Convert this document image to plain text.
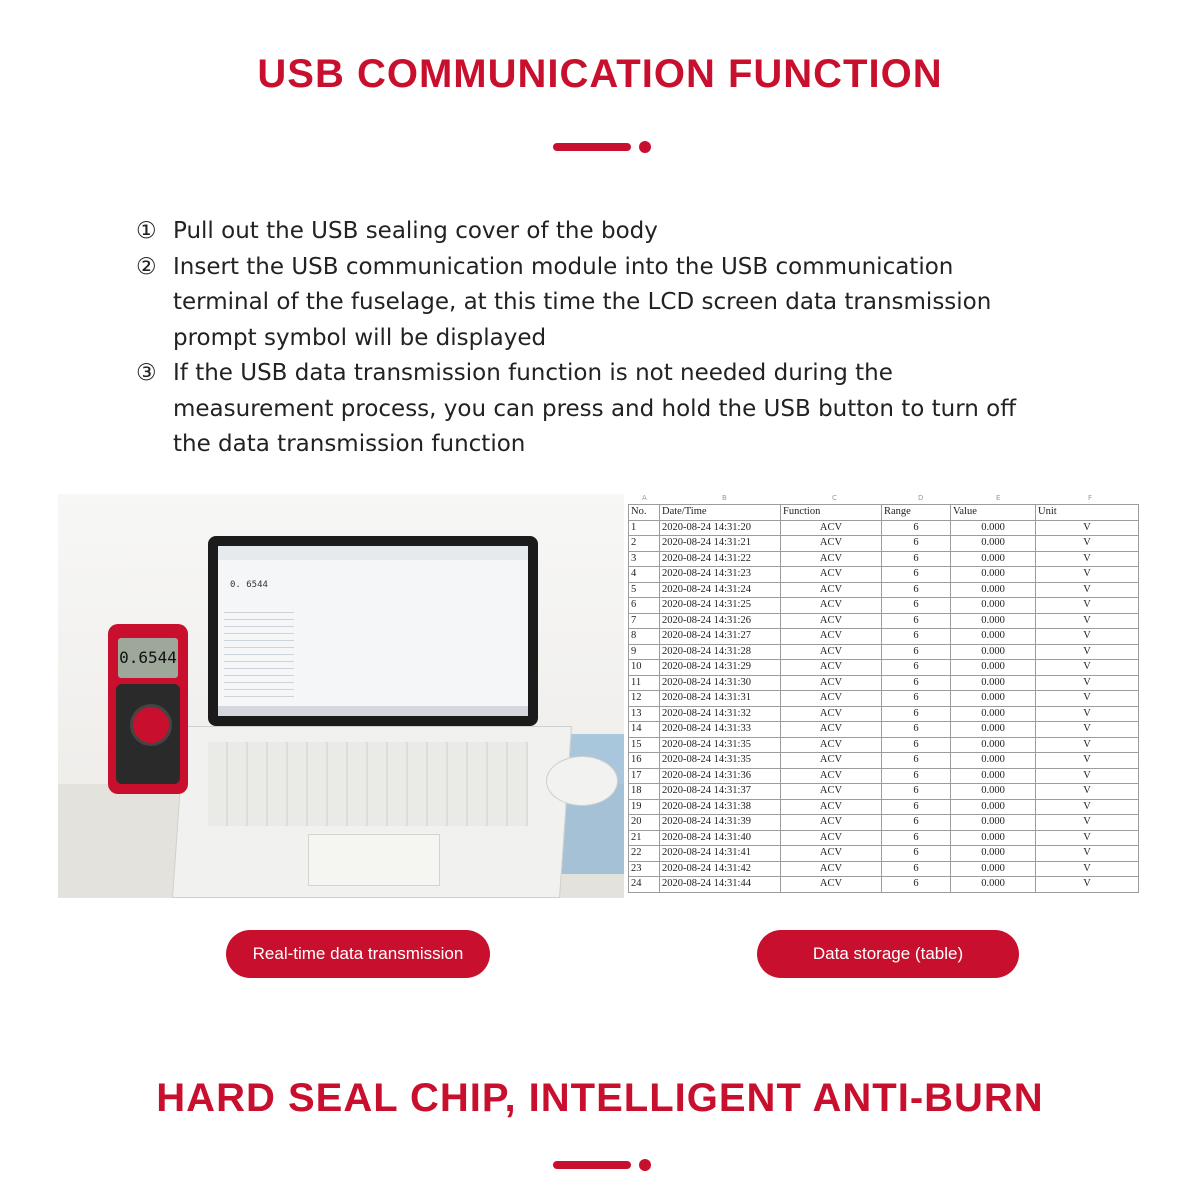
USB COMMUNICATION FUNCTION
① Pull out the USB sealing cover of the body
② Insert the USB communication module into the USB communication terminal of the fuselage, at this time the LCD screen data transmission prompt symbol will be displayed
③ If the USB data transmission function is not needed during the measurement process, you can press and hold the USB button to turn off the data transmission function
0. 6544
0.6544
A	B	C	D	E	F
No.	Date/Time	Function	Range	Value	Unit
1	2020-08-24 14:31:20	ACV	6	0.000	V
2	2020-08-24 14:31:21	ACV	6	0.000	V
3	2020-08-24 14:31:22	ACV	6	0.000	V
4	2020-08-24 14:31:23	ACV	6	0.000	V
5	2020-08-24 14:31:24	ACV	6	0.000	V
6	2020-08-24 14:31:25	ACV	6	0.000	V
7	2020-08-24 14:31:26	ACV	6	0.000	V
8	2020-08-24 14:31:27	ACV	6	0.000	V
9	2020-08-24 14:31:28	ACV	6	0.000	V
10	2020-08-24 14:31:29	ACV	6	0.000	V
11	2020-08-24 14:31:30	ACV	6	0.000	V
12	2020-08-24 14:31:31	ACV	6	0.000	V
13	2020-08-24 14:31:32	ACV	6	0.000	V
14	2020-08-24 14:31:33	ACV	6	0.000	V
15	2020-08-24 14:31:35	ACV	6	0.000	V
16	2020-08-24 14:31:35	ACV	6	0.000	V
17	2020-08-24 14:31:36	ACV	6	0.000	V
18	2020-08-24 14:31:37	ACV	6	0.000	V
19	2020-08-24 14:31:38	ACV	6	0.000	V
20	2020-08-24 14:31:39	ACV	6	0.000	V
21	2020-08-24 14:31:40	ACV	6	0.000	V
22	2020-08-24 14:31:41	ACV	6	0.000	V
23	2020-08-24 14:31:42	ACV	6	0.000	V
24	2020-08-24 14:31:44	ACV	6	0.000	V
Real-time data transmission	Data storage (table)
HARD SEAL CHIP, INTELLIGENT ANTI-BURN
